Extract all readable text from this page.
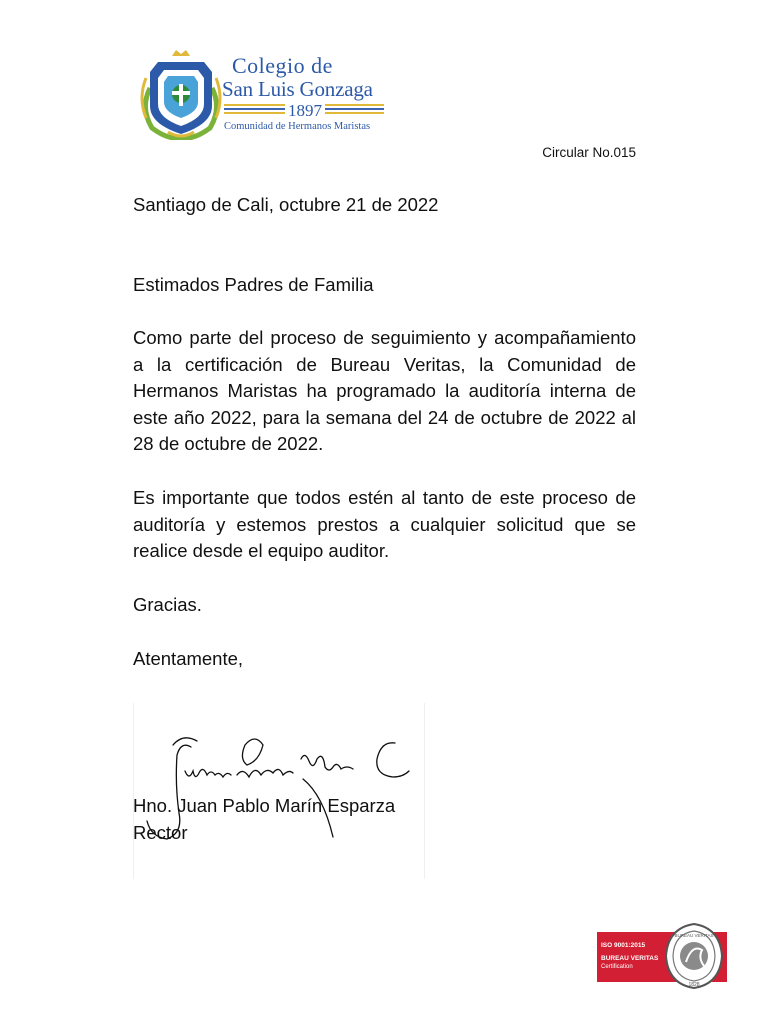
Colegio de
San Luis Gonzaga
1897
Comunidad de Hermanos Maristas
Circular No.015
Santiago de Cali, octubre 21 de 2022
Estimados Padres de Familia
Como parte del proceso de seguimiento y acompañamiento a la certificación de Bureau Veritas, la Comunidad de Hermanos Maristas ha programado la auditoría interna de este año 2022, para la semana del 24 de octubre de 2022 al 28 de octubre de 2022.
Es importante que todos estén al tanto de este proceso de auditoría y estemos prestos a cualquier solicitud que se realice desde el equipo auditor.
Gracias.
Atentamente,
Hno. Juan Pablo Marín Esparza
Rector
ISO 9001:2015
BUREAU VERITAS
Certification
BUREAU VERITAS
1828
